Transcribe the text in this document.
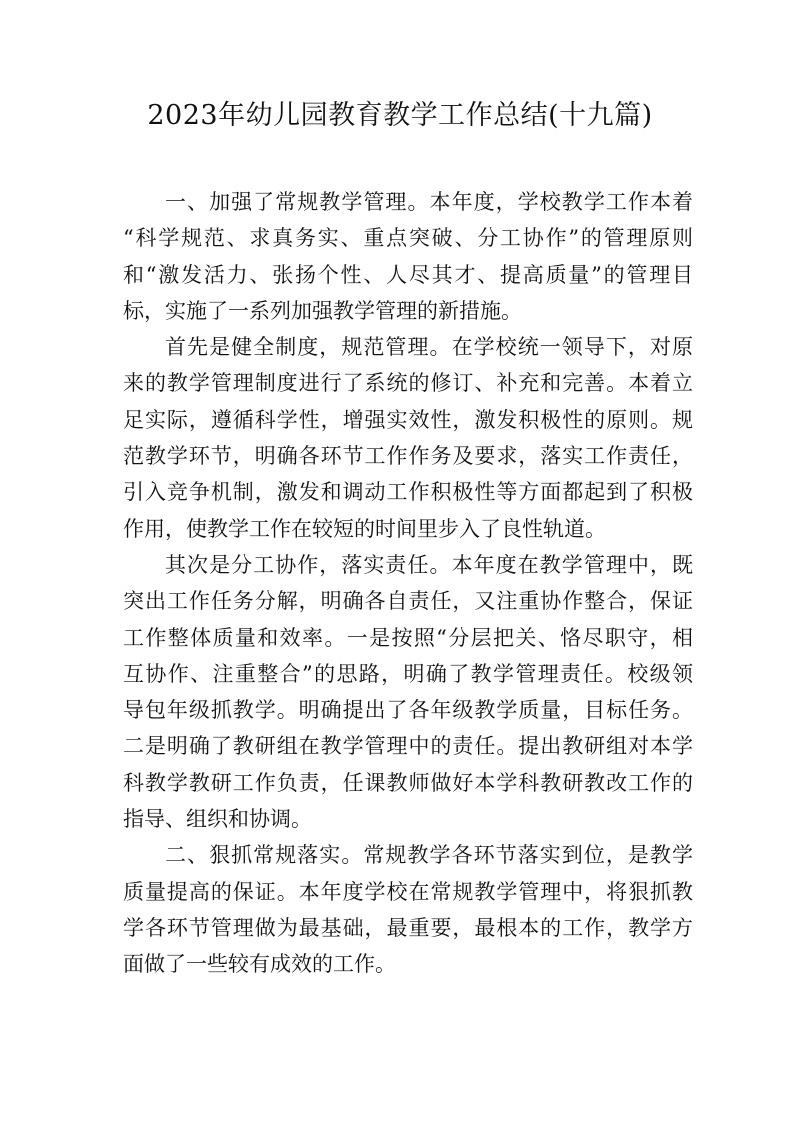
2023年幼儿园教育教学工作总结(十九篇)
一、加强了常规教学管理。本年度，学校教学工作本着
“科学规范、求真务实、重点突破、分工协作”的管理原则
和“激发活力、张扬个性、人尽其才、提高质量”的管理目
标，实施了一系列加强教学管理的新措施。
首先是健全制度，规范管理。在学校统一领导下，对原
来的教学管理制度进行了系统的修订、补充和完善。本着立
足实际，遵循科学性，增强实效性，激发积极性的原则。规
范教学环节，明确各环节工作作务及要求，落实工作责任，
引入竞争机制，激发和调动工作积极性等方面都起到了积极
作用，使教学工作在较短的时间里步入了良性轨道。
其次是分工协作，落实责任。本年度在教学管理中，既
突出工作任务分解，明确各自责任，又注重协作整合，保证
工作整体质量和效率。一是按照“分层把关、恪尽职守，相
互协作、注重整合”的思路，明确了教学管理责任。校级领
导包年级抓教学。明确提出了各年级教学质量，目标任务。
二是明确了教研组在教学管理中的责任。提出教研组对本学
科教学教研工作负责，任课教师做好本学科教研教改工作的
指导、组织和协调。
二、狠抓常规落实。常规教学各环节落实到位，是教学
质量提高的保证。本年度学校在常规教学管理中，将狠抓教
学各环节管理做为最基础，最重要，最根本的工作，教学方
面做了一些较有成效的工作。
